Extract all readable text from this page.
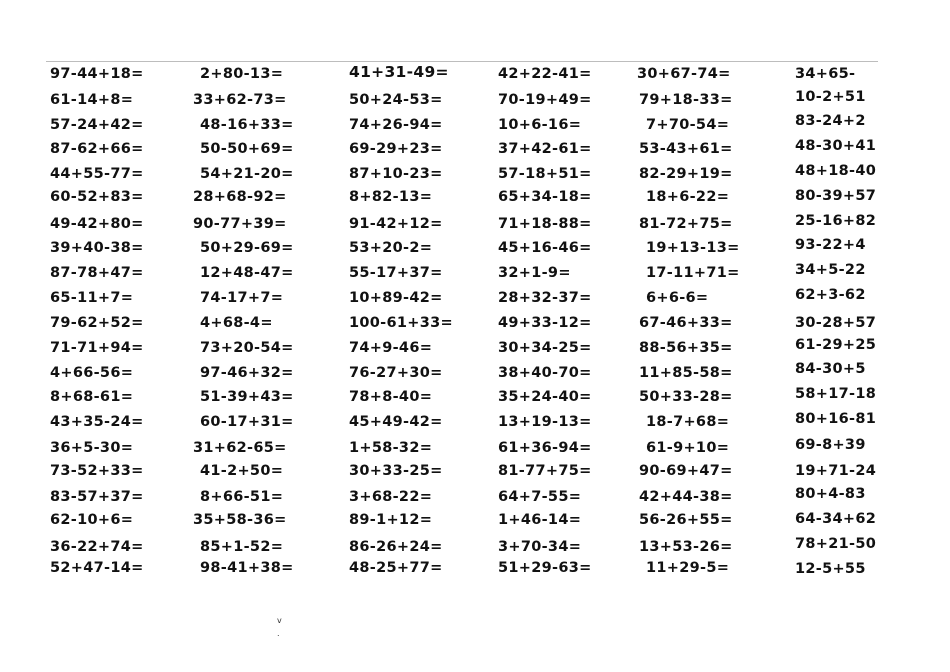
97-44+18=
61-14+8=
57-24+42=
87-62+66=
44+55-77=
60-52+83=
49-42+80=
39+40-38=
87-78+47=
65-11+7=
79-62+52=
71-71+94=
4+66-56=
8+68-61=
43+35-24=
36+5-30=
73-52+33=
83-57+37=
62-10+6=
36-22+74=
52+47-14=
2+80-13=
33+62-73=
48-16+33=
50-50+69=
54+21-20=
28+68-92=
90-77+39=
50+29-69=
12+48-47=
74-17+7=
4+68-4=
73+20-54=
97-46+32=
51-39+43=
60-17+31=
31+62-65=
41-2+50=
8+66-51=
35+58-36=
85+1-52=
98-41+38=
41+31-49=
50+24-53=
74+26-94=
69-29+23=
87+10-23=
8+82-13=
91-42+12=
53+20-2=
55-17+37=
10+89-42=
100-61+33=
74+9-46=
76-27+30=
78+8-40=
45+49-42=
1+58-32=
30+33-25=
3+68-22=
89-1+12=
86-26+24=
48-25+77=
42+22-41=
70-19+49=
10+6-16=
37+42-61=
57-18+51=
65+34-18=
71+18-88=
45+16-46=
32+1-9=
28+32-37=
49+33-12=
30+34-25=
38+40-70=
35+24-40=
13+19-13=
61+36-94=
81-77+75=
64+7-55=
1+46-14=
3+70-34=
51+29-63=
30+67-74=
79+18-33=
7+70-54=
53-43+61=
82-29+19=
18+6-22=
81-72+75=
19+13-13=
17-11+71=
6+6-6=
67-46+33=
88-56+35=
11+85-58=
50+33-28=
18-7+68=
61-9+10=
90-69+47=
42+44-38=
56-26+55=
13+53-26=
11+29-5=
34+65-
10-2+51
83-24+2
48-30+41
48+18-40
80-39+57
25-16+82
93-22+4
34+5-22
62+3-62
30-28+57
61-29+25
84-30+5
58+17-18
80+16-81
69-8+39
19+71-24
80+4-83
64-34+62
78+21-50
12-5+55
v
.
